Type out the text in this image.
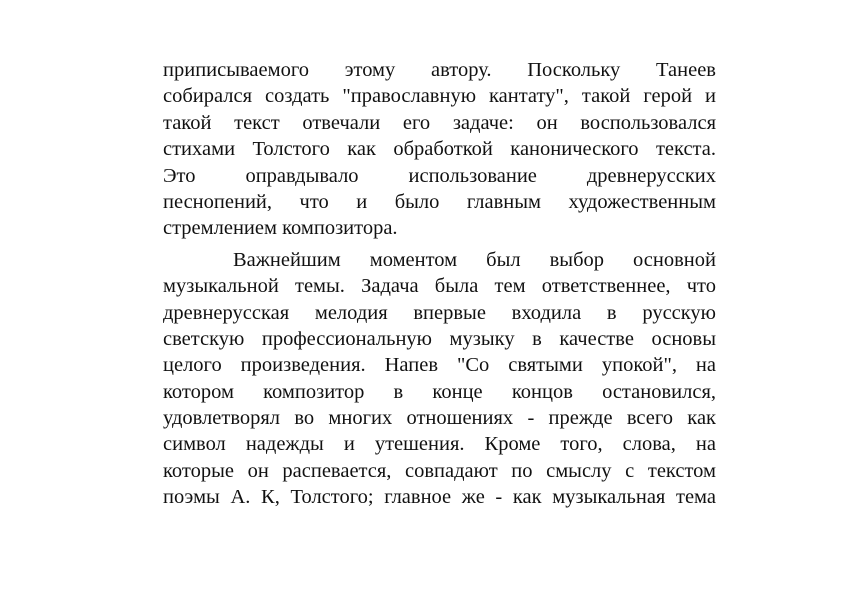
приписываемого этому автору. Поскольку Танеев
собирался создать "православную кантату", такой герой и
такой текст отвечали его задаче: он воспользовался
стихами Толстого как обработкой канонического текста.
Это оправдывало использование древнерусских
песнопений, что и было главным художественным
стремлением композитора.
Важнейшим моментом был выбор основной
музыкальной темы. Задача была тем ответственнее, что
древнерусская мелодия впервые входила в русскую
светскую профессиональную музыку в качестве основы
целого произведения. Напев "Со святыми упокой", на
котором композитор в конце концов остановился,
удовлетворял во многих отношениях - прежде всего как
символ надежды и утешения. Кроме того, слова, на
которые он распевается, совпадают по смыслу с текстом
поэмы А. К, Толстого; главное же - как музыкальная тема
